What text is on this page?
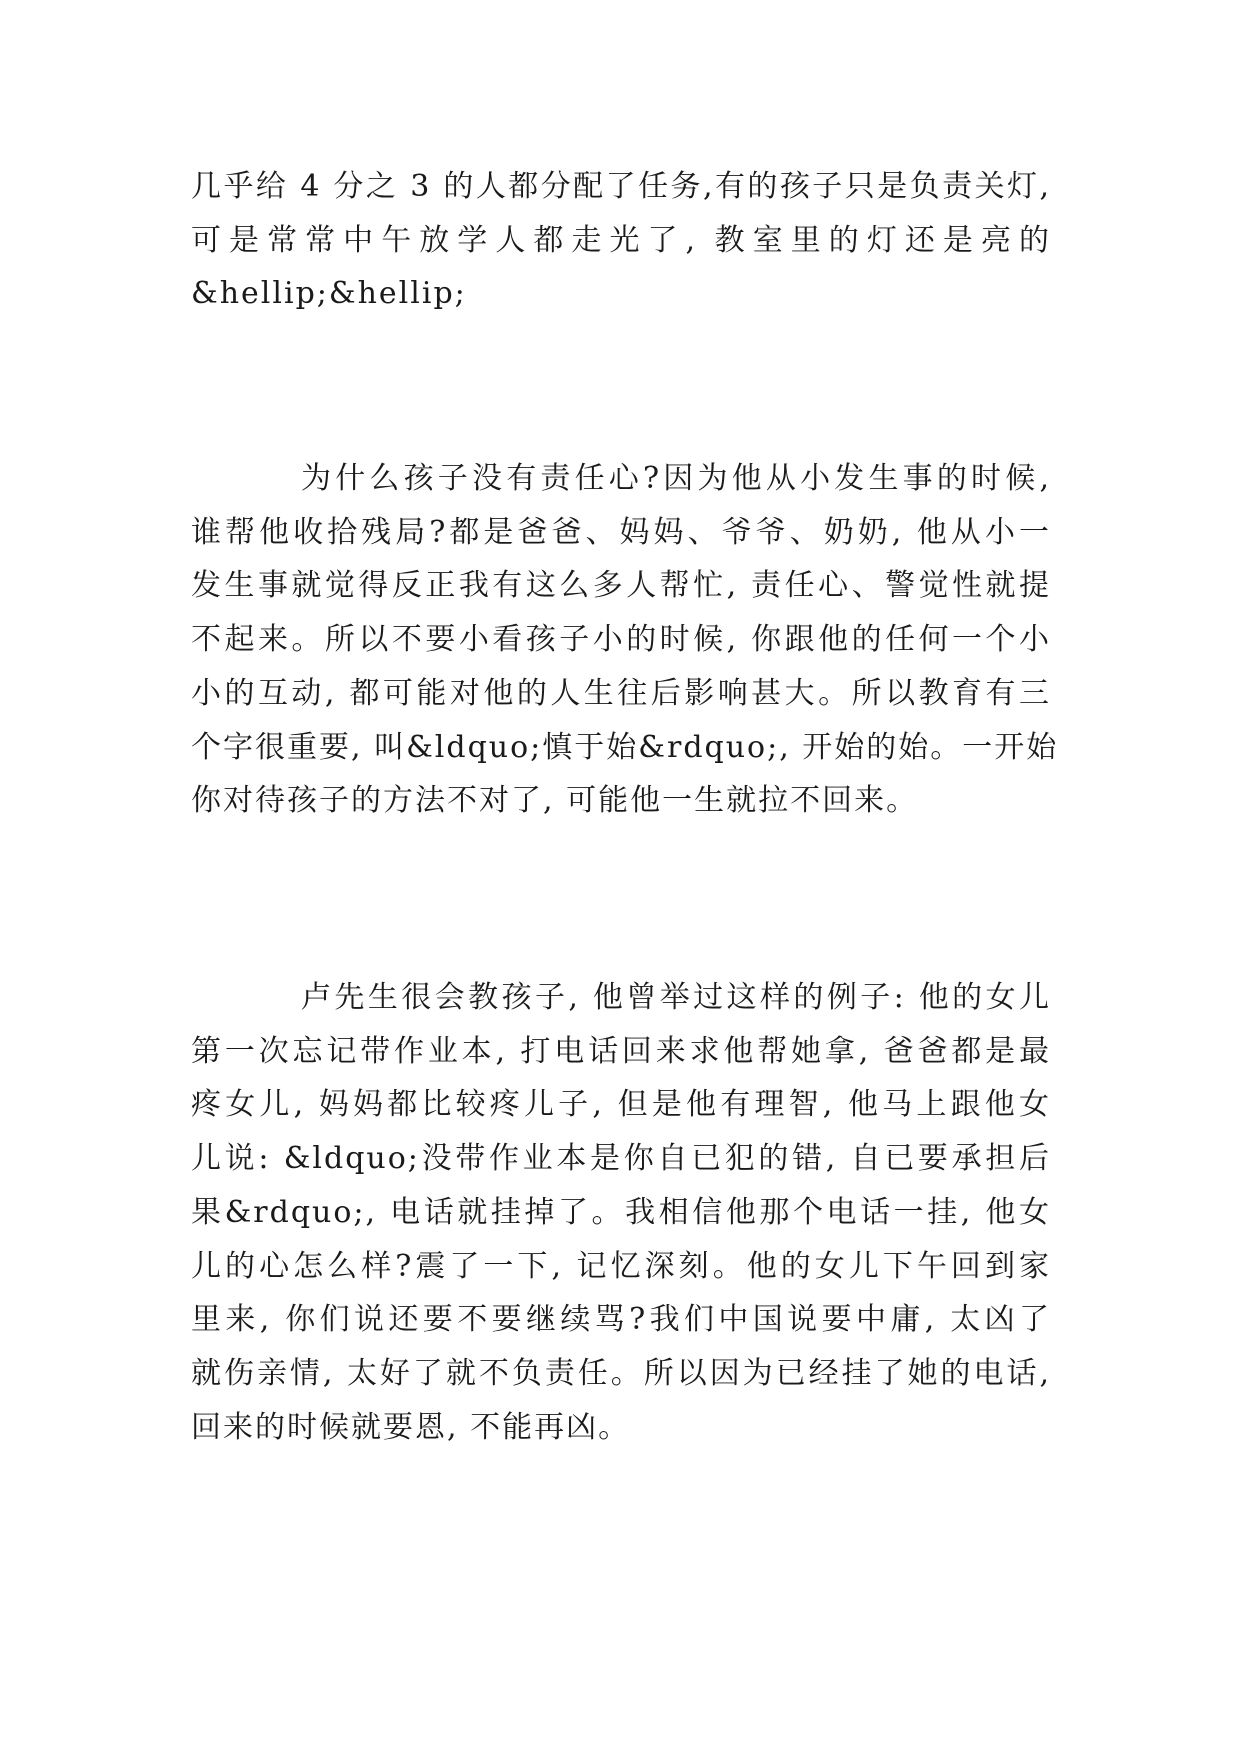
几乎给 4 分之 3 的人都分配了任务,有的孩子只是负责关灯,
可是常常中午放学人都走光了, 教室里的灯还是亮的
&hellip;&hellip;
为什么孩子没有责任心?因为他从小发生事的时候,
谁帮他收拾残局?都是爸爸、妈妈、爷爷、奶奶, 他从小一
发生事就觉得反正我有这么多人帮忙, 责任心、警觉性就提
不起来。所以不要小看孩子小的时候, 你跟他的任何一个小
小的互动, 都可能对他的人生往后影响甚大。所以教育有三
个字很重要, 叫&ldquo;慎于始&rdquo;, 开始的始。一开始
你对待孩子的方法不对了, 可能他一生就拉不回来。
卢先生很会教孩子, 他曾举过这样的例子: 他的女儿
第一次忘记带作业本, 打电话回来求他帮她拿, 爸爸都是最
疼女儿, 妈妈都比较疼儿子, 但是他有理智, 他马上跟他女
儿说: &ldquo;没带作业本是你自已犯的错, 自已要承担后
果&rdquo;, 电话就挂掉了。我相信他那个电话一挂, 他女
儿的心怎么样?震了一下, 记忆深刻。他的女儿下午回到家
里来, 你们说还要不要继续骂?我们中国说要中庸, 太凶了
就伤亲情, 太好了就不负责任。所以因为已经挂了她的电话,
回来的时候就要恩, 不能再凶。
